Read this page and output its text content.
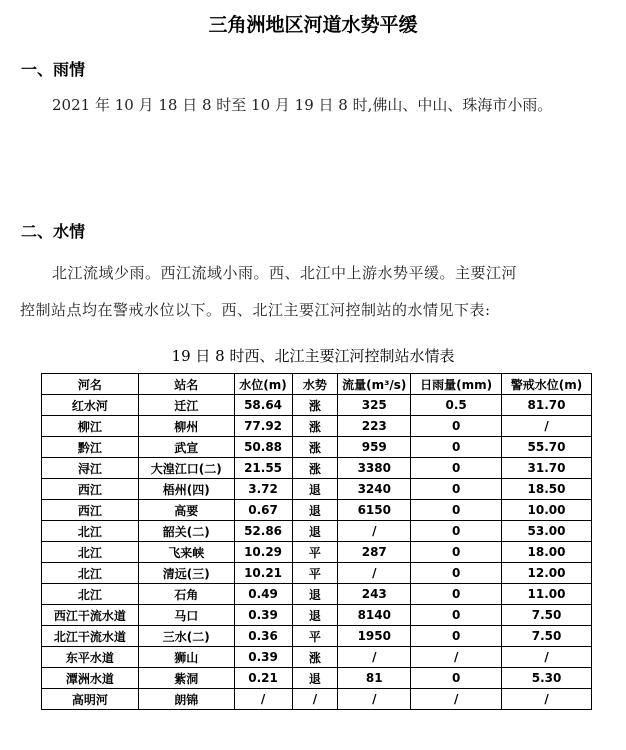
三角洲地区河道水势平缓
一、雨情
2021 年 10 月 18 日 8 时至 10 月 19 日 8 时,佛山、中山、珠海市小雨。
二、水情
北江流域少雨。西江流域小雨。西、北江中上游水势平缓。主要江河
控制站点均在警戒水位以下。西、北江主要江河控制站的水情见下表:
19 日 8 时西、北江主要江河控制站水情表
河名	站名	水位(m)	水势	流量(m³/s)	日雨量(mm)	警戒水位(m)
红水河	迁江	58.64	涨	325	0.5	81.70
柳江	柳州	77.92	涨	223	0	/
黔江	武宣	50.88	涨	959	0	55.70
浔江	大湟江口(二)	21.55	涨	3380	0	31.70
西江	梧州(四)	3.72	退	3240	0	18.50
西江	高要	0.67	退	6150	0	10.00
北江	韶关(二)	52.86	退	/	0	53.00
北江	飞来峡	10.29	平	287	0	18.00
北江	清远(三)	10.21	平	/	0	12.00
北江	石角	0.49	退	243	0	11.00
西江干流水道	马口	0.39	退	8140	0	7.50
北江干流水道	三水(二)	0.36	平	1950	0	7.50
东平水道	狮山	0.39	涨	/	/	/
潭洲水道	紫洞	0.21	退	81	0	5.30
高明河	朗锦	/	/	/	/	/
